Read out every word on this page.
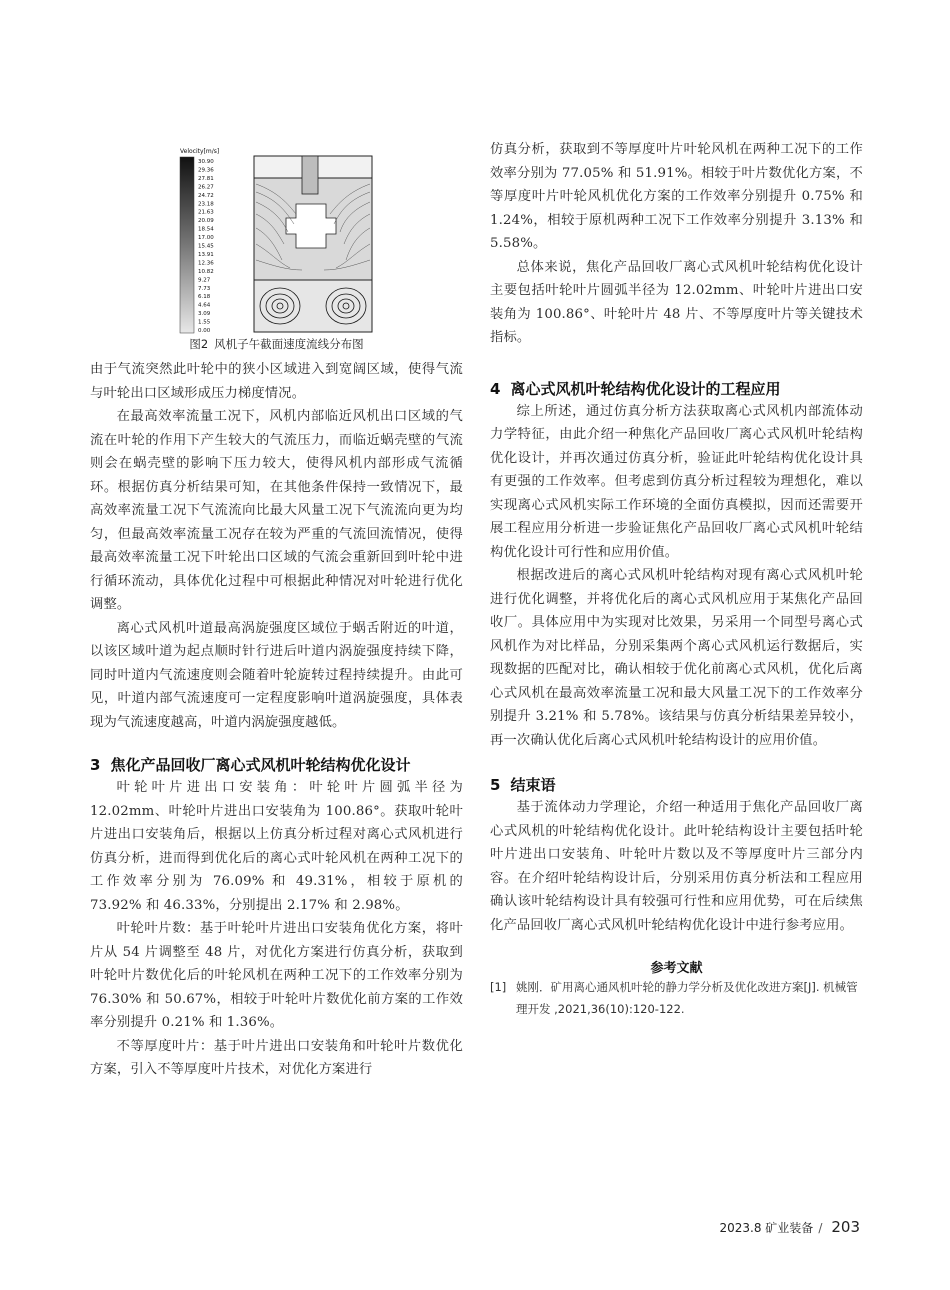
Velocity[m/s]
30.90
29.36
27.81
26.27
24.72
23.18
21.63
20.09
18.54
17.00
15.45
13.91
12.36
10.82
9.27
7.73
6.18
4.64
3.09
1.55
0.00
图2 风机子午截面速度流线分布图

由于气流突然此叶轮中的狭小区域进入到宽阔区域，使得气流与叶轮出口区域形成压力梯度情况。

在最高效率流量工况下，风机内部临近风机出口区域的气流在叶轮的作用下产生较大的气流压力，而临近蜗壳壁的气流则会在蜗壳壁的影响下压力较大，使得风机内部形成气流循环。根据仿真分析结果可知，在其他条件保持一致情况下，最高效率流量工况下气流流向比最大风量工况下气流流向更为均匀，但最高效率流量工况存在较为严重的气流回流情况，使得最高效率流量工况下叶轮出口区域的气流会重新回到叶轮中进行循环流动，具体优化过程中可根据此种情况对叶轮进行优化调整。

离心式风机叶道最高涡旋强度区域位于蜗舌附近的叶道，以该区域叶道为起点顺时针行进后叶道内涡旋强度持续下降，同时叶道内气流速度则会随着叶轮旋转过程持续提升。由此可见，叶道内部气流速度可一定程度影响叶道涡旋强度，具体表现为气流速度越高，叶道内涡旋强度越低。

3 焦化产品回收厂离心式风机叶轮结构优化设计

叶轮叶片进出口安装角：叶轮叶片圆弧半径为 12.02mm、叶轮叶片进出口安装角为 100.86°。获取叶轮叶片进出口安装角后，根据以上仿真分析过程对离心式风机进行仿真分析，进而得到优化后的离心式叶轮风机在两种工况下的工作效率分别为 76.09% 和 49.31%，相较于原机的 73.92% 和 46.33%，分别提出 2.17% 和 2.98%。

叶轮叶片数：基于叶轮叶片进出口安装角优化方案，将叶片从 54 片调整至 48 片，对优化方案进行仿真分析，获取到叶轮叶片数优化后的叶轮风机在两种工况下的工作效率分别为 76.30% 和 50.67%，相较于叶轮叶片数优化前方案的工作效率分别提升 0.21% 和 1.36%。

不等厚度叶片：基于叶片进出口安装角和叶轮叶片数优化方案，引入不等厚度叶片技术，对优化方案进行

仿真分析，获取到不等厚度叶片叶轮风机在两种工况下的工作效率分别为 77.05% 和 51.91%。相较于叶片数优化方案，不等厚度叶片叶轮风机优化方案的工作效率分别提升 0.75% 和 1.24%，相较于原机两种工况下工作效率分别提升 3.13% 和 5.58%。

总体来说，焦化产品回收厂离心式风机叶轮结构优化设计主要包括叶轮叶片圆弧半径为 12.02mm、叶轮叶片进出口安装角为 100.86°、叶轮叶片 48 片、不等厚度叶片等关键技术指标。

4 离心式风机叶轮结构优化设计的工程应用

综上所述，通过仿真分析方法获取离心式风机内部流体动力学特征，由此介绍一种焦化产品回收厂离心式风机叶轮结构优化设计，并再次通过仿真分析，验证此叶轮结构优化设计具有更强的工作效率。但考虑到仿真分析过程较为理想化，难以实现离心式风机实际工作环境的全面仿真模拟，因而还需要开展工程应用分析进一步验证焦化产品回收厂离心式风机叶轮结构优化设计可行性和应用价值。

根据改进后的离心式风机叶轮结构对现有离心式风机叶轮进行优化调整，并将优化后的离心式风机应用于某焦化产品回收厂。具体应用中为实现对比效果，另采用一个同型号离心式风机作为对比样品，分别采集两个离心式风机运行数据后，实现数据的匹配对比，确认相较于优化前离心式风机，优化后离心式风机在最高效率流量工况和最大风量工况下的工作效率分别提升 3.21% 和 5.78%。该结果与仿真分析结果差异较小，再一次确认优化后离心式风机叶轮结构设计的应用价值。

5 结束语

基于流体动力学理论，介绍一种适用于焦化产品回收厂离心式风机的叶轮结构优化设计。此叶轮结构设计主要包括叶轮叶片进出口安装角、叶轮叶片数以及不等厚度叶片三部分内容。在介绍叶轮结构设计后，分别采用仿真分析法和工程应用确认该叶轮结构设计具有较强可行性和应用优势，可在后续焦化产品回收厂离心式风机叶轮结构优化设计中进行参考应用。

参考文献
[1] 姚刚．矿用离心通风机叶轮的静力学分析及优化改进方案[J]. 机械管理开发 ,2021,36(10):120-122.
2023.8 矿业装备 / 203
